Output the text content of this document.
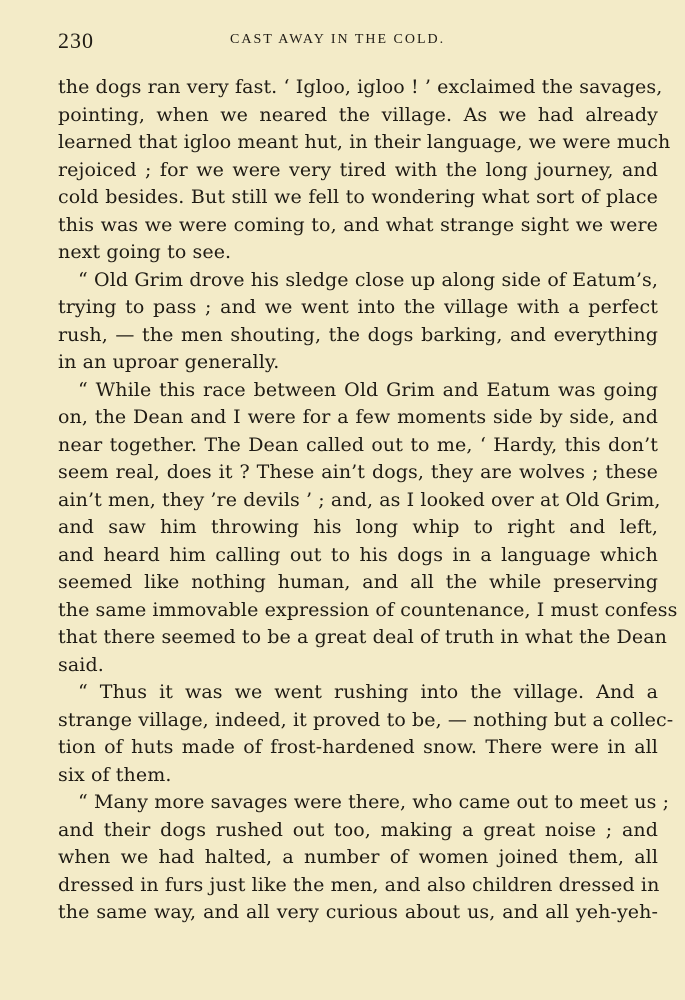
230	CAST AWAY IN THE COLD.
the dogs ran very fast. ‘ Igloo, igloo ! ’ exclaimed the savages,
pointing, when we neared the village. As we had already
learned that igloo meant hut, in their language, we were much
rejoiced ; for we were very tired with the long journey, and
cold besides. But still we fell to wondering what sort of place
this was we were coming to, and what strange sight we were
next going to see.
“ Old Grim drove his sledge close up along side of Eatum’s,
trying to pass ; and we went into the village with a perfect
rush, — the men shouting, the dogs barking, and everything
in an uproar generally.
“ While this race between Old Grim and Eatum was going
on, the Dean and I were for a few moments side by side, and
near together. The Dean called out to me, ‘ Hardy, this don’t
seem real, does it ? These ain’t dogs, they are wolves ; these
ain’t men, they ’re devils ’ ; and, as I looked over at Old Grim,
and saw him throwing his long whip to right and left,
and heard him calling out to his dogs in a language which
seemed like nothing human, and all the while preserving
the same immovable expression of countenance, I must confess
that there seemed to be a great deal of truth in what the Dean
said.
“ Thus it was we went rushing into the village. And a
strange village, indeed, it proved to be, — nothing but a collec-
tion of huts made of frost-hardened snow. There were in all
six of them.
“ Many more savages were there, who came out to meet us ;
and their dogs rushed out too, making a great noise ; and
when we had halted, a number of women joined them, all
dressed in furs just like the men, and also children dressed in
the same way, and all very curious about us, and all yeh-yeh-
